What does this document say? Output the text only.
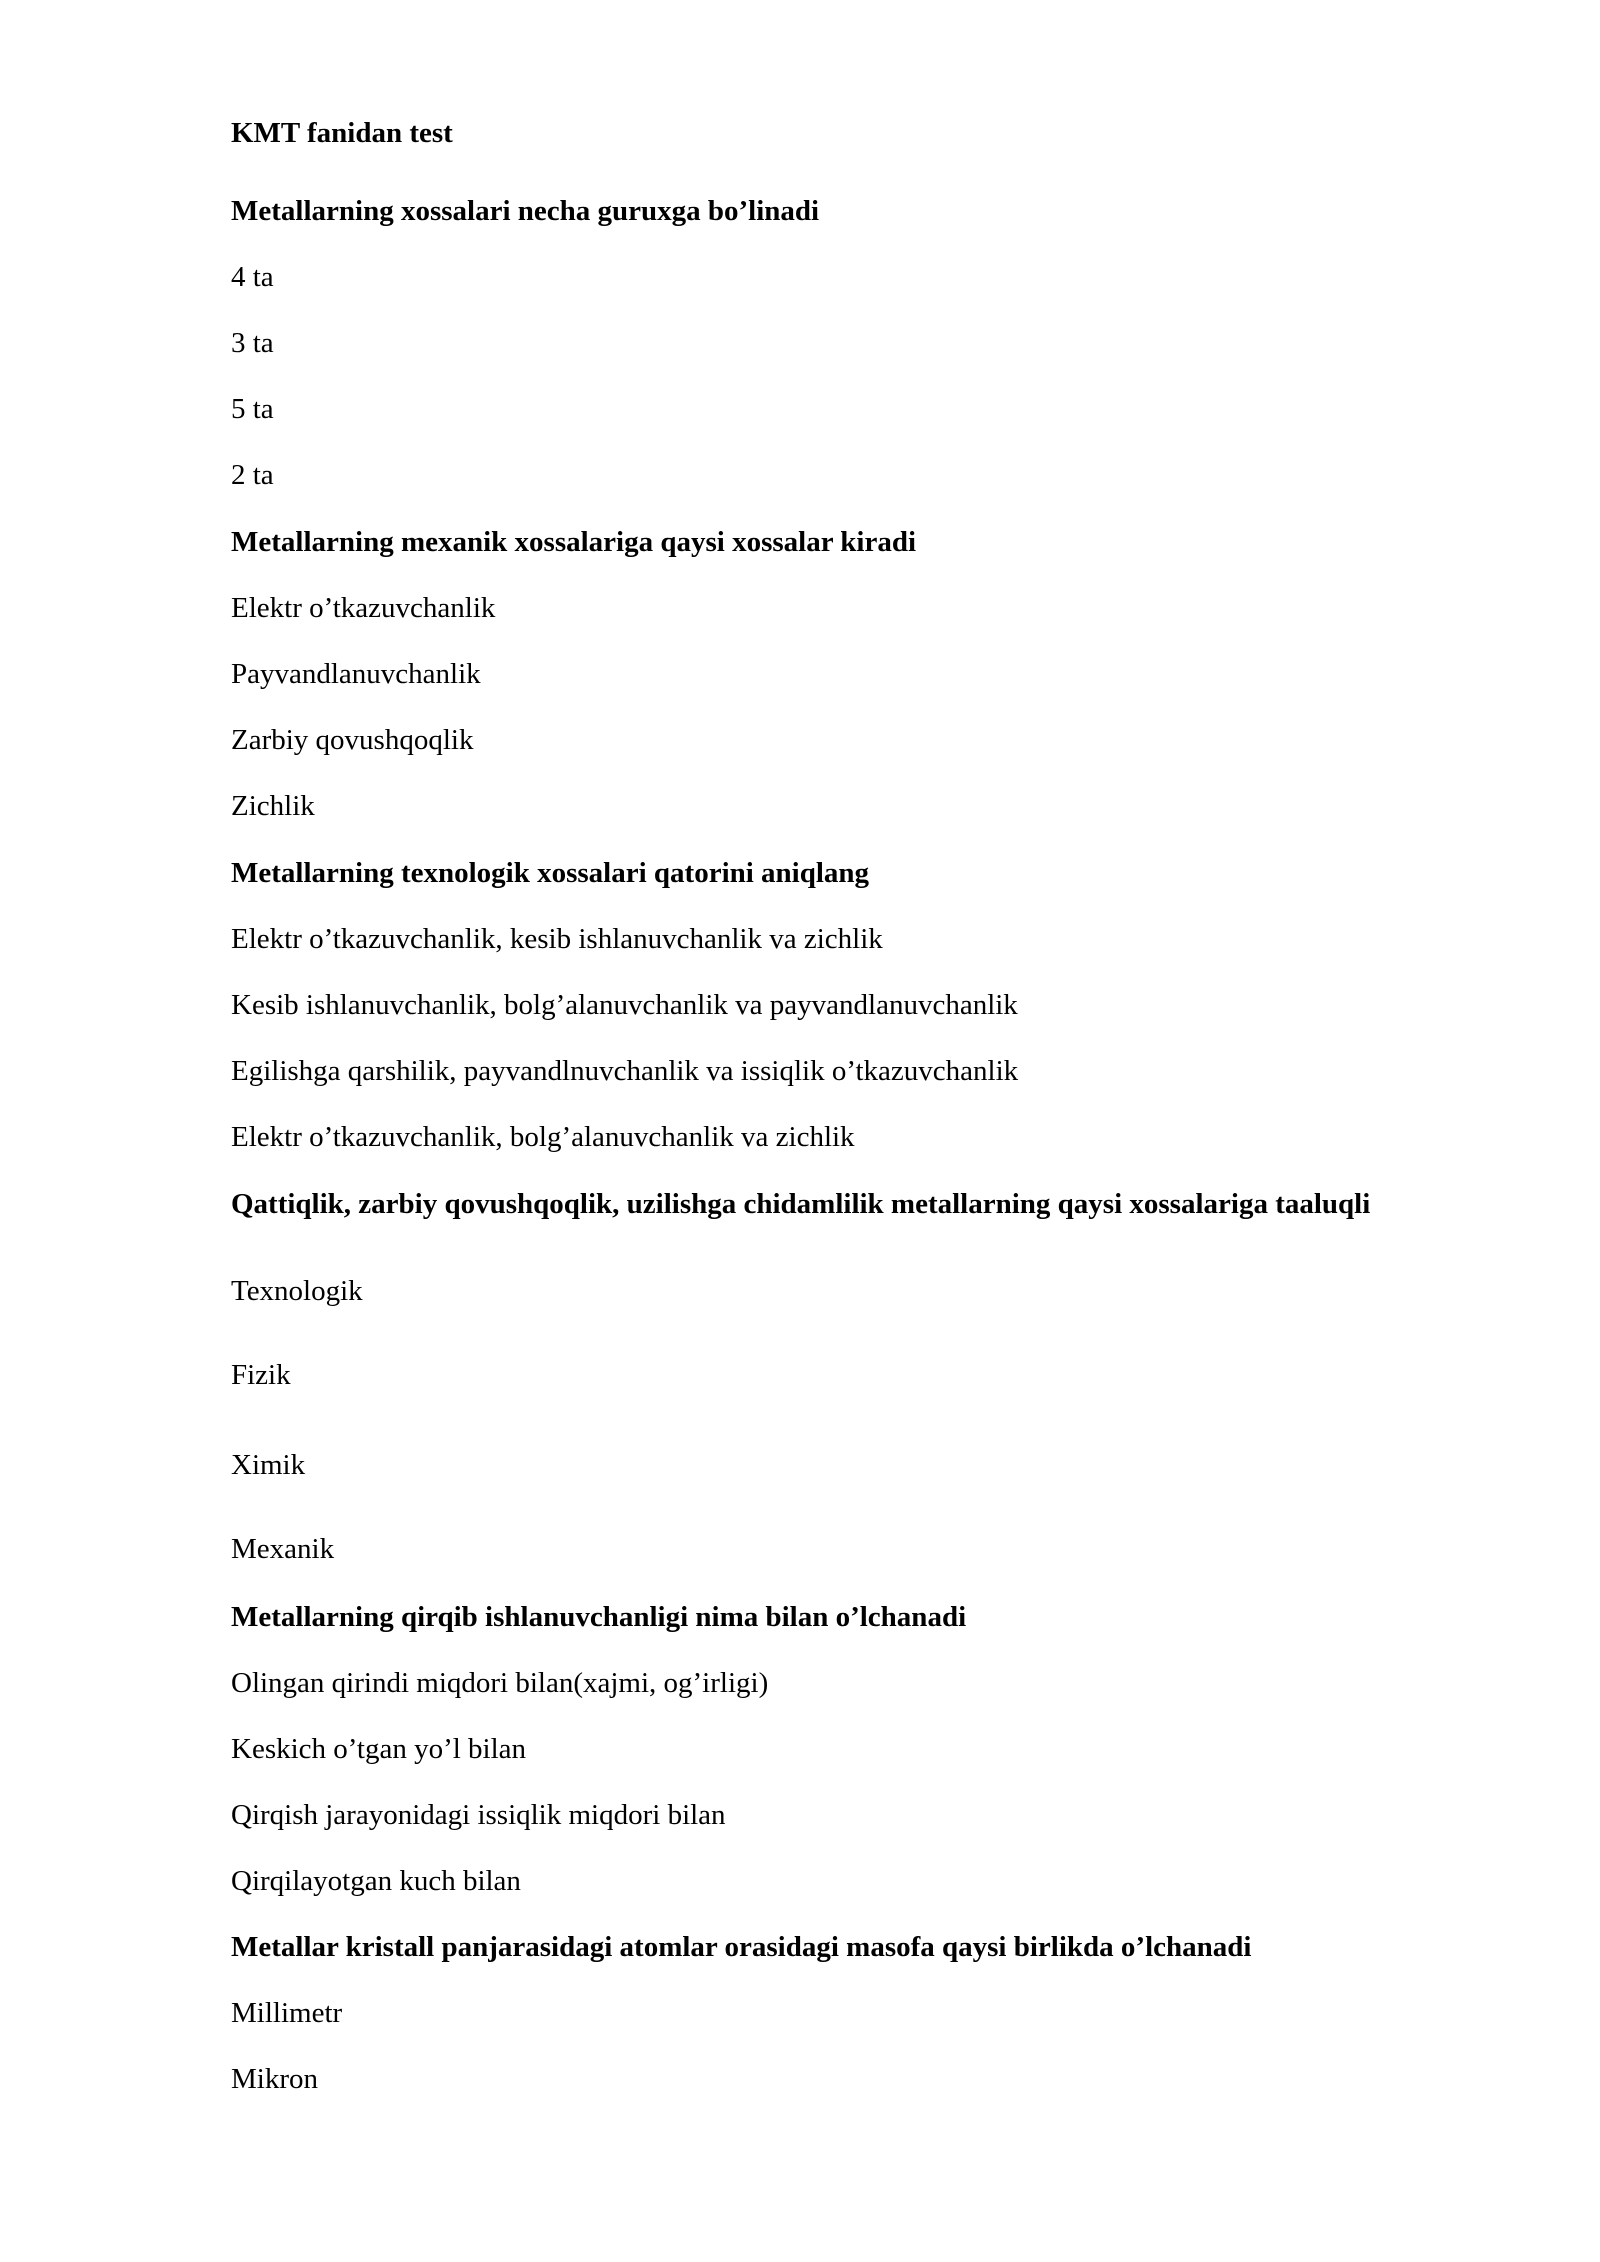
KMT fanidan test
Metallarning xossalari necha guruxga bo’linadi
4 ta
3 ta
5 ta
2 ta
Metallarning mexanik xossalariga qaysi xossalar kiradi
Elektr o’tkazuvchanlik
Payvandlanuvchanlik
Zarbiy qovushqoqlik
Zichlik
Metallarning texnologik xossalari qatorini aniqlang
Elektr o’tkazuvchanlik, kesib ishlanuvchanlik va zichlik
Kesib ishlanuvchanlik, bolg’alanuvchanlik va payvandlanuvchanlik
Egilishga qarshilik, payvandlnuvchanlik va issiqlik o’tkazuvchanlik
Elektr o’tkazuvchanlik, bolg’alanuvchanlik va zichlik
Qattiqlik, zarbiy qovushqoqlik, uzilishga chidamlilik metallarning qaysi xossalariga taaluqli
Texnologik
Fizik
Ximik
Mexanik
Metallarning qirqib ishlanuvchanligi nima bilan o’lchanadi
Olingan qirindi miqdori bilan(xajmi, og’irligi)
Keskich o’tgan yo’l bilan
Qirqish jarayonidagi issiqlik miqdori bilan
Qirqilayotgan kuch bilan
Metallar kristall panjarasidagi atomlar orasidagi masofa qaysi birlikda o’lchanadi
Millimetr
Mikron
